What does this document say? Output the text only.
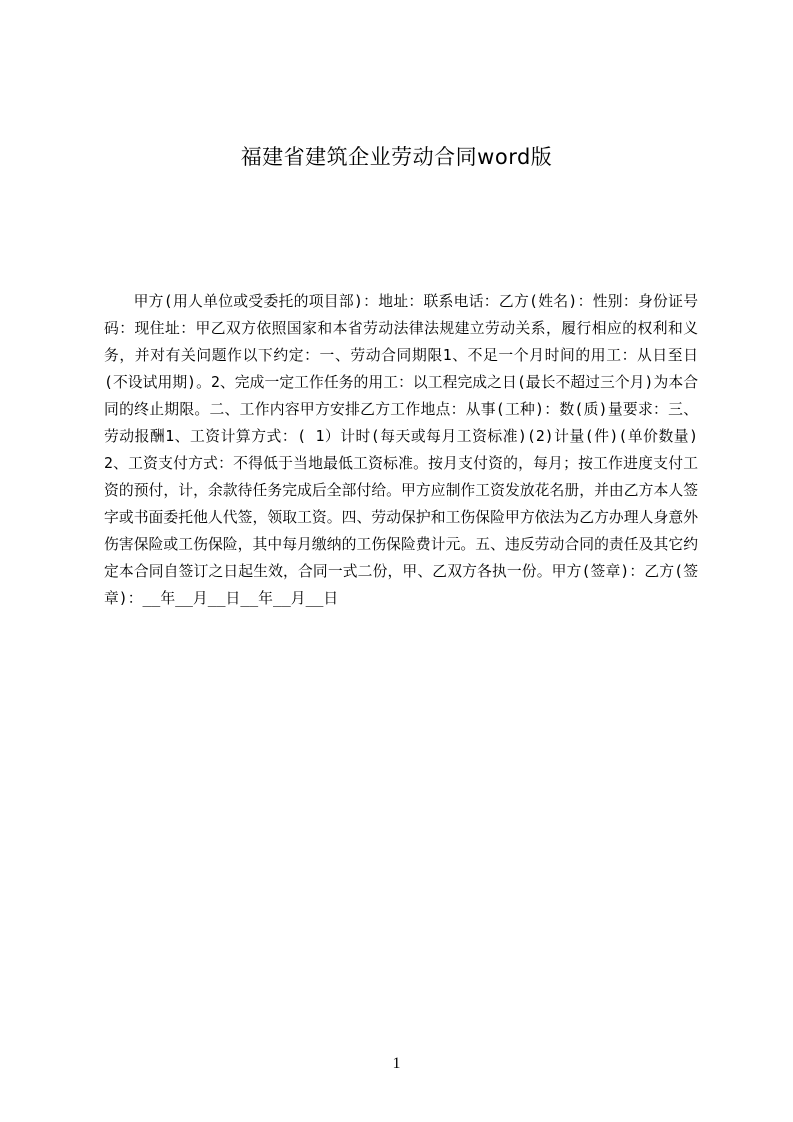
福建省建筑企业劳动合同word版

甲方(用人单位或受委托的项目部)：地址：联系电话：乙方(姓名)：性别：身份证号码：现住址：甲乙双方依照国家和本省劳动法律法规建立劳动关系，履行相应的权利和义务，并对有关问题作以下约定：一、劳动合同期限1、不足一个月时间的用工：从日至日(不设试用期)。2、完成一定工作任务的用工：以工程完成之日(最长不超过三个月)为本合同的终止期限。二、工作内容甲方安排乙方工作地点：从事(工种)：数(质)量要求：三、劳动报酬1、工资计算方式：( 1）计时(每天或每月工资标准)(2)计量(件)(单价数量)2、工资支付方式：不得低于当地最低工资标准。按月支付资的，每月；按工作进度支付工资的预付，计，余款待任务完成后全部付给。甲方应制作工资发放花名册，并由乙方本人签字或书面委托他人代签，领取工资。四、劳动保护和工伤保险甲方依法为乙方办理人身意外伤害保险或工伤保险，其中每月缴纳的工伤保险费计元。五、违反劳动合同的责任及其它约定本合同自签订之日起生效，合同一式二份，甲、乙双方各执一份。甲方(签章)：乙方(签章)：__年__月__日__年__月__日

1
